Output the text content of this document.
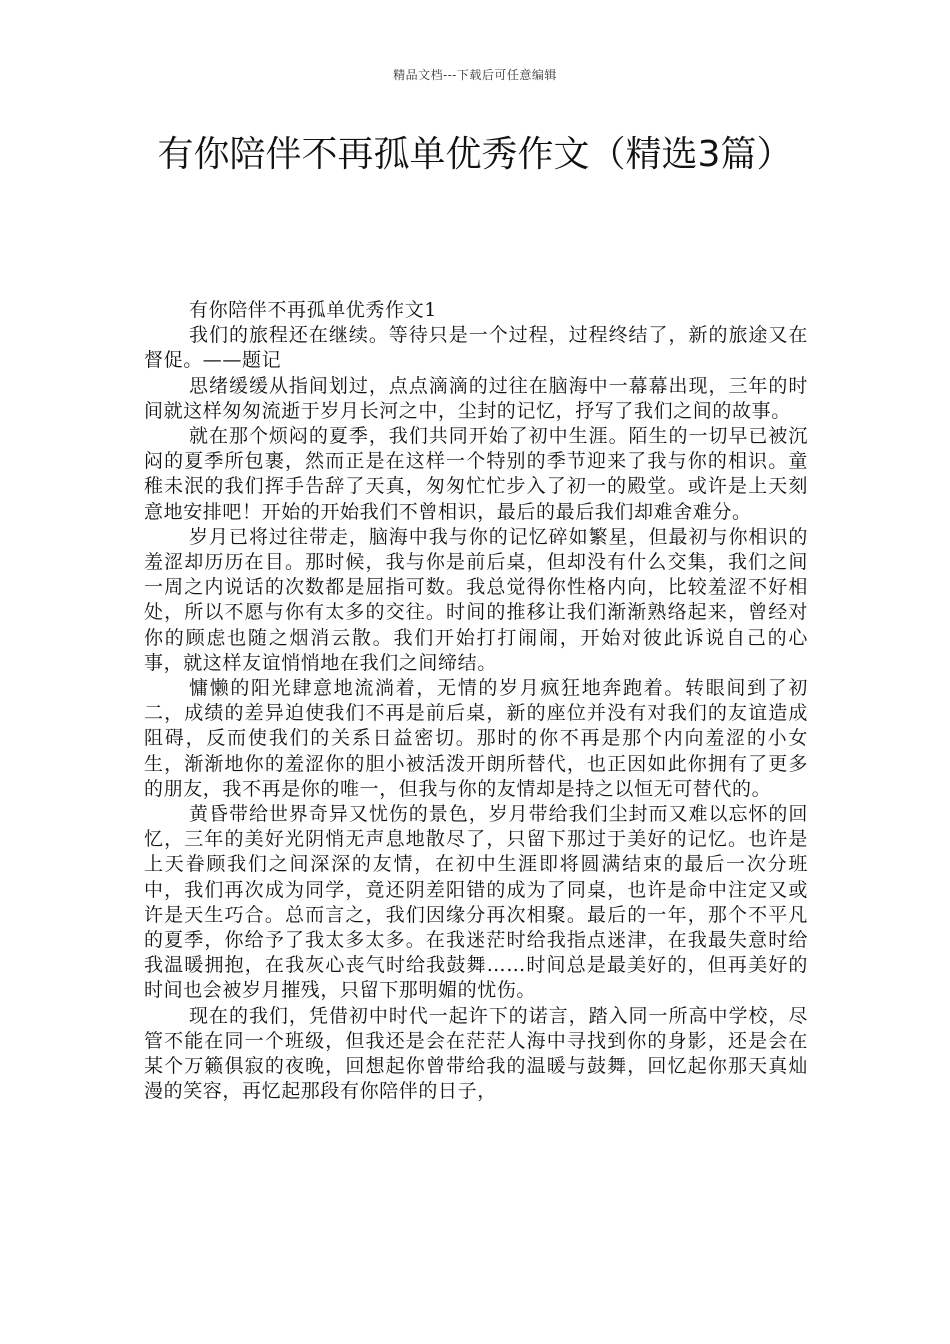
精品文档---下载后可任意编辑
有你陪伴不再孤单优秀作文（精选3篇）

有你陪伴不再孤单优秀作文1

我们的旅程还在继续。等待只是一个过程，过程终结了，新的旅途又在督促。——题记

思绪缓缓从指间划过，点点滴滴的过往在脑海中一幕幕出现，三年的时间就这样匆匆流逝于岁月长河之中，尘封的记忆，抒写了我们之间的故事。

就在那个烦闷的夏季，我们共同开始了初中生涯。陌生的一切早已被沉闷的夏季所包裹，然而正是在这样一个特别的季节迎来了我与你的相识。童稚未泯的我们挥手告辞了天真，匆匆忙忙步入了初一的殿堂。或许是上天刻意地安排吧！开始的开始我们不曾相识，最后的最后我们却难舍难分。

岁月已将过往带走，脑海中我与你的记忆碎如繁星，但最初与你相识的羞涩却历历在目。那时候，我与你是前后桌，但却没有什么交集，我们之间一周之内说话的次数都是屈指可数。我总觉得你性格内向，比较羞涩不好相处，所以不愿与你有太多的交往。时间的推移让我们渐渐熟络起来，曾经对你的顾虑也随之烟消云散。我们开始打打闹闹，开始对彼此诉说自己的心事，就这样友谊悄悄地在我们之间缔结。

慵懒的阳光肆意地流淌着，无情的岁月疯狂地奔跑着。转眼间到了初二，成绩的差异迫使我们不再是前后桌，新的座位并没有对我们的友谊造成阻碍，反而使我们的关系日益密切。那时的你不再是那个内向羞涩的小女生，渐渐地你的羞涩你的胆小被活泼开朗所替代，也正因如此你拥有了更多的朋友，我不再是你的唯一，但我与你的友情却是持之以恒无可替代的。

黄昏带给世界奇异又忧伤的景色，岁月带给我们尘封而又难以忘怀的回忆，三年的美好光阴悄无声息地散尽了，只留下那过于美好的记忆。也许是上天眷顾我们之间深深的友情，在初中生涯即将圆满结束的最后一次分班中，我们再次成为同学，竟还阴差阳错的成为了同桌，也许是命中注定又或许是天生巧合。总而言之，我们因缘分再次相聚。最后的一年，那个不平凡的夏季，你给予了我太多太多。在我迷茫时给我指点迷津，在我最失意时给我温暖拥抱，在我灰心丧气时给我鼓舞……时间总是最美好的，但再美好的时间也会被岁月摧残，只留下那明媚的忧伤。

现在的我们，凭借初中时代一起许下的诺言，踏入同一所高中学校，尽管不能在同一个班级，但我还是会在茫茫人海中寻找到你的身影，还是会在某个万籁俱寂的夜晚，回想起你曾带给我的温暖与鼓舞，回忆起你那天真灿漫的笑容，再忆起那段有你陪伴的日子，
